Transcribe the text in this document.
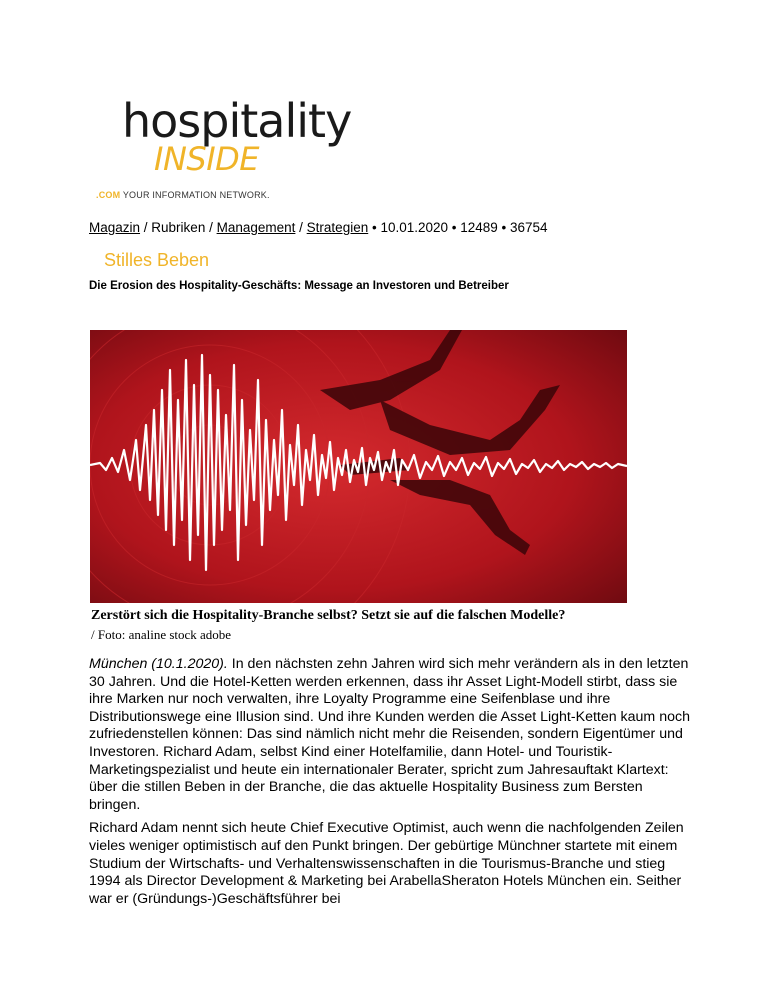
hospitality
INSIDE
.COM YOUR INFORMATION NETWORK.
Magazin / Rubriken / Management / Strategien • 10.01.2020 • 12489 • 36754
Stilles Beben
Die Erosion des Hospitality-Geschäfts: Message an Investoren und Betreiber
Zerstört sich die Hospitality-Branche selbst? Setzt sie auf die falschen Modelle?
/ Foto: analine stock adobe

München (10.1.2020). In den nächsten zehn Jahren wird sich mehr verändern als in den letzten 30 Jahren. Und die Hotel-Ketten werden erkennen, dass ihr Asset Light-Modell stirbt, dass sie ihre Marken nur noch verwalten, ihre Loyalty Programme eine Seifenblase und ihre Distributionswege eine Illusion sind. Und ihre Kunden werden die Asset Light-Ketten kaum noch zufriedenstellen können: Das sind nämlich nicht mehr die Reisenden, sondern Eigentümer und Investoren. Richard Adam, selbst Kind einer Hotelfamilie, dann Hotel- und Touristik-Marketingspezialist und heute ein internationaler Berater, spricht zum Jahresauftakt Klartext: über die stillen Beben in der Branche, die das aktuelle Hospitality Business zum Bersten bringen.

Richard Adam nennt sich heute Chief Executive Optimist, auch wenn die nachfolgenden Zeilen vieles weniger optimistisch auf den Punkt bringen. Der gebürtige Münchner startete mit einem Studium der Wirtschafts- und Verhaltenswissenschaften in die Tourismus-Branche und stieg 1994 als Director Development & Marketing bei ArabellaSheraton Hotels München ein. Seither war er (Gründungs-)Geschäftsführer bei
